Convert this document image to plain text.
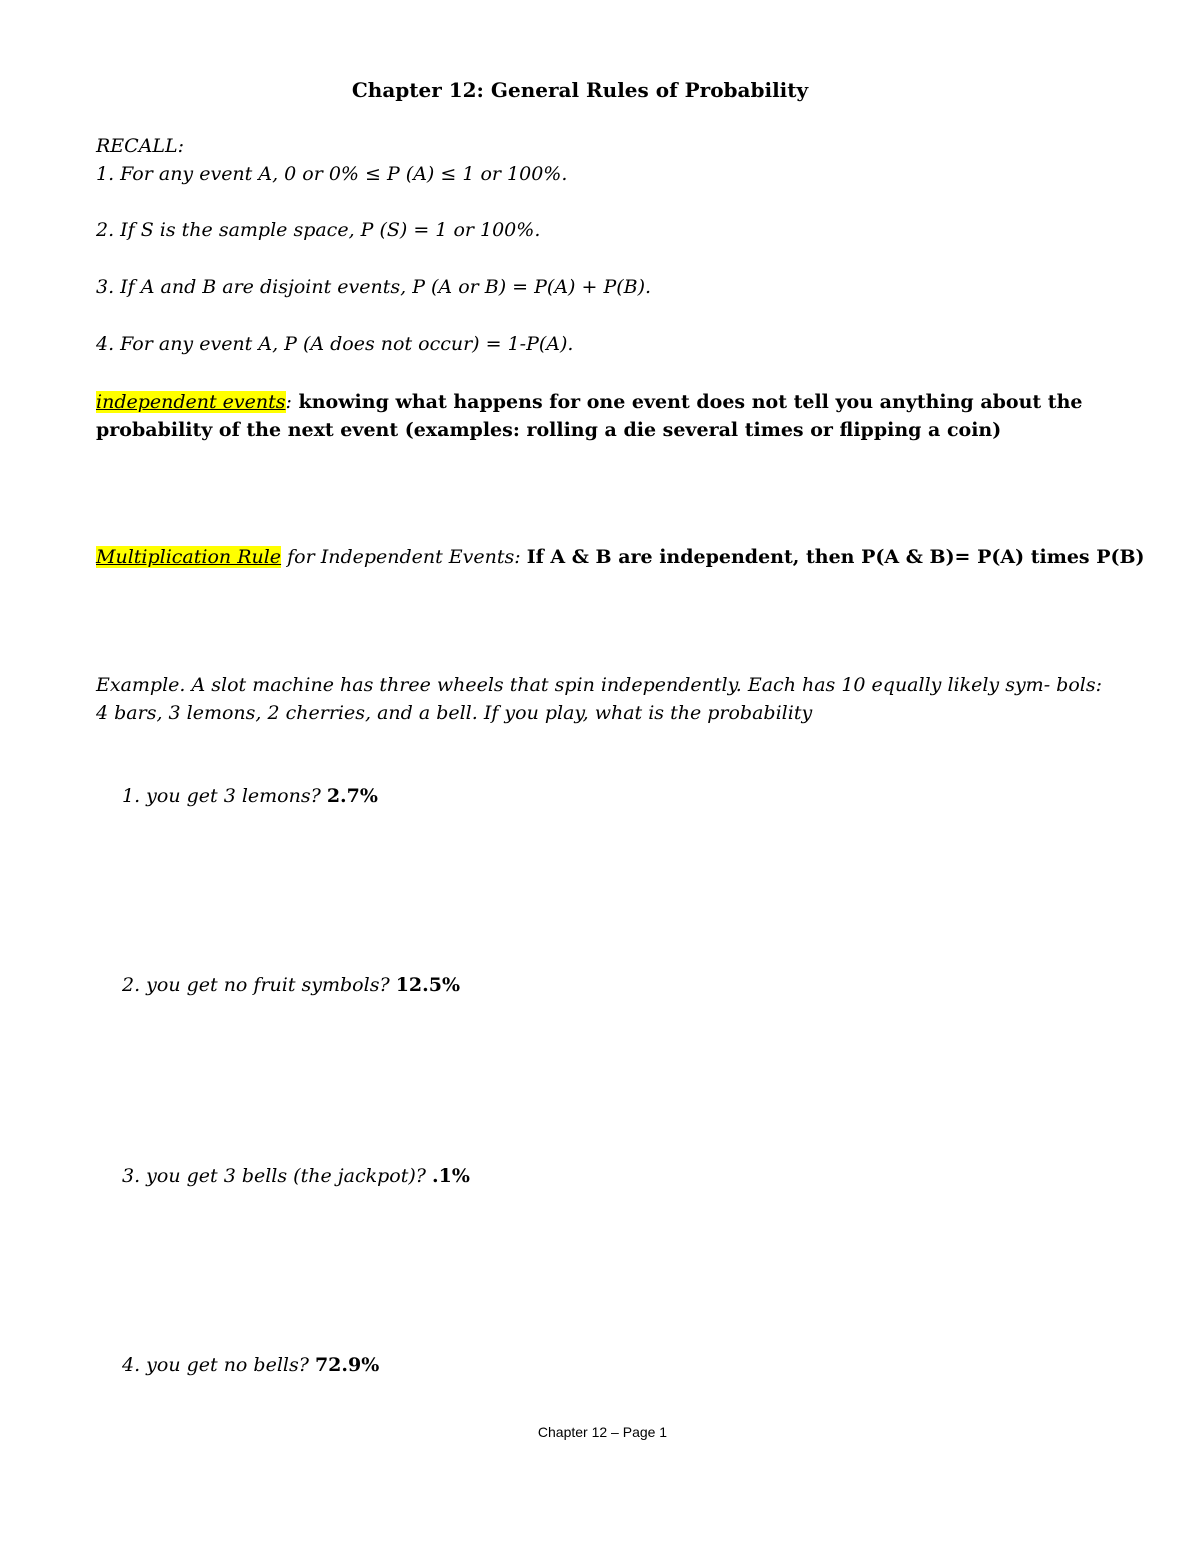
Chapter 12: General Rules of Probability
RECALL:
1. For any event A, 0 or 0% ≤ P (A) ≤ 1 or 100%.
2. If S is the sample space, P (S) = 1 or 100%.
3. If A and B are disjoint events, P (A or B) = P(A) + P(B).
4. For any event A, P (A does not occur) = 1-P(A).
independent events: knowing what happens for one event does not tell you anything about the probability of the next event (examples: rolling a die several times or flipping a coin)
Multiplication Rule for Independent Events: If A & B are independent, then P(A & B)= P(A) times P(B)
Example. A slot machine has three wheels that spin independently. Each has 10 equally likely sym- bols: 4 bars, 3 lemons, 2 cherries, and a bell. If you play, what is the probability
1. you get 3 lemons? 2.7%
2. you get no fruit symbols? 12.5%
3. you get 3 bells (the jackpot)? .1%
4. you get no bells? 72.9%
Chapter 12 – Page 1
